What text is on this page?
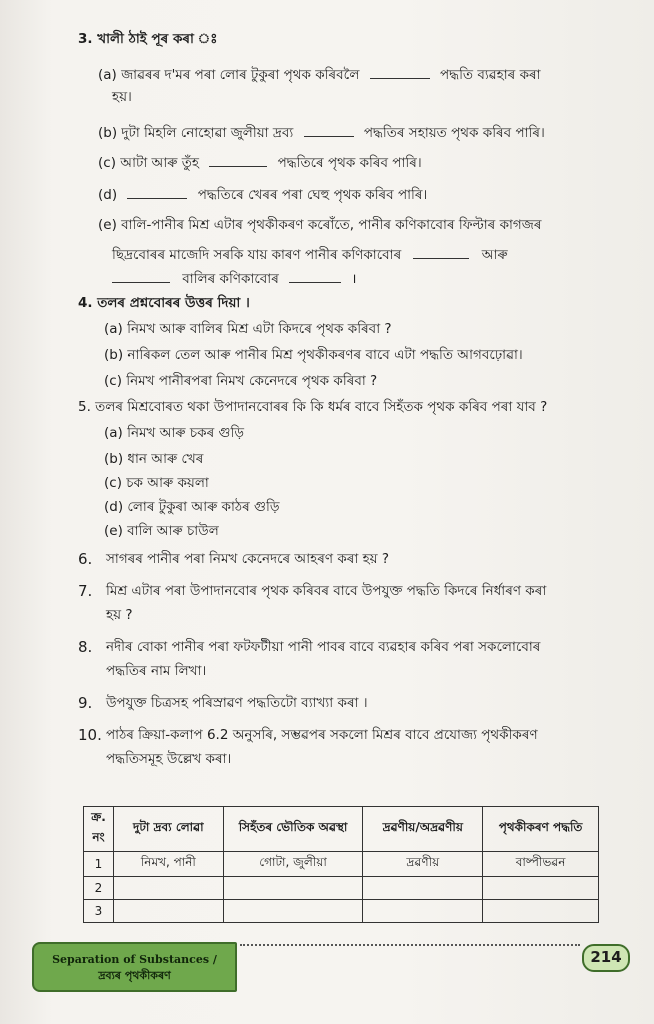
3. খালী ঠাই পূৰ কৰা ঃ
(a) জাৱৰৰ দ'মৰ পৰা লোৰ টুকুৰা পৃথক কৰিবলৈ	পদ্ধতি ব্যৱহাৰ কৰা
হয়।
(b) দুটা মিহলি নোহোৱা জুলীয়া দ্ৰব্য	পদ্ধতিৰ সহায়ত পৃথক কৰিব পাৰি।
(c) আটা আৰু তুঁহ	পদ্ধতিৰে পৃথক কৰিব পাৰি।
(d)	পদ্ধতিৰে খেৰৰ পৰা ঘেহু পৃথক কৰিব পাৰি।
(e) বালি-পানীৰ মিশ্ৰ এটাৰ পৃথকীকৰণ কৰোঁতে, পানীৰ কণিকাবোৰ ফিল্টাৰ কাগজৰ
ছিদ্ৰবোৰৰ মাজেদি সৰকি যায় কাৰণ পানীৰ কণিকাবোৰ	আৰু
বালিৰ কণিকাবোৰ	।
4. তলৰ প্ৰশ্নবোৰৰ উত্তৰ দিয়া ।
(a) নিমখ আৰু বালিৰ মিশ্ৰ এটা কিদৰে পৃথক কৰিবা ?
(b) নাৰিকল তেল আৰু পানীৰ মিশ্ৰ পৃথকীকৰণৰ বাবে এটা পদ্ধতি আগবঢ়োৱা।
(c) নিমখ পানীৰপৰা নিমখ কেনেদৰে পৃথক কৰিবা ?
5. তলৰ মিশ্ৰবোৰত থকা উপাদানবোৰৰ কি কি ধৰ্মৰ বাবে সিহঁতক পৃথক কৰিব পৰা যাব ?
(a) নিমখ আৰু চকৰ গুড়ি
(b) ধান আৰু খেৰ
(c) চক আৰু কয়লা
(d) লোৰ টুকুৰা আৰু কাঠৰ গুড়ি
(e) বালি আৰু চাউল
6. সাগৰৰ পানীৰ পৰা নিমখ কেনেদৰে আহৰণ কৰা হয় ?
7. মিশ্ৰ এটাৰ পৰা উপাদানবোৰ পৃথক কৰিবৰ বাবে উপযুক্ত পদ্ধতি কিদৰে নিৰ্ধাৰণ কৰা
হয় ?
8. নদীৰ বোকা পানীৰ পৰা ফটফটীয়া পানী পাবৰ বাবে ব্যৱহাৰ কৰিব পৰা সকলোবোৰ
পদ্ধতিৰ নাম লিখা।
9. উপযুক্ত চিত্ৰসহ পৰিস্ৰাৱণ পদ্ধতিটো ব্যাখ্যা কৰা ।
10. পাঠৰ ক্ৰিয়া-কলাপ 6.2 অনুসৰি, সম্ভৱপৰ সকলো মিশ্ৰৰ বাবে প্ৰযোজ্য পৃথকীকৰণ
পদ্ধতিসমূহ উল্লেখ কৰা।
ক্ৰ. নং	দুটা দ্ৰব্য লোৱা	সিহঁতৰ ভৌতিক অৱস্থা	দ্ৰৱণীয়/অদ্ৰৱণীয়	পৃথকীকৰণ পদ্ধতি
1	নিমখ, পানী	গোটা, জুলীয়া	দ্ৰৱণীয়	বাষ্পীভৱন
2				
3				
Separation of Substances /
দ্ৰব্যৰ পৃথকীকৰণ
214
